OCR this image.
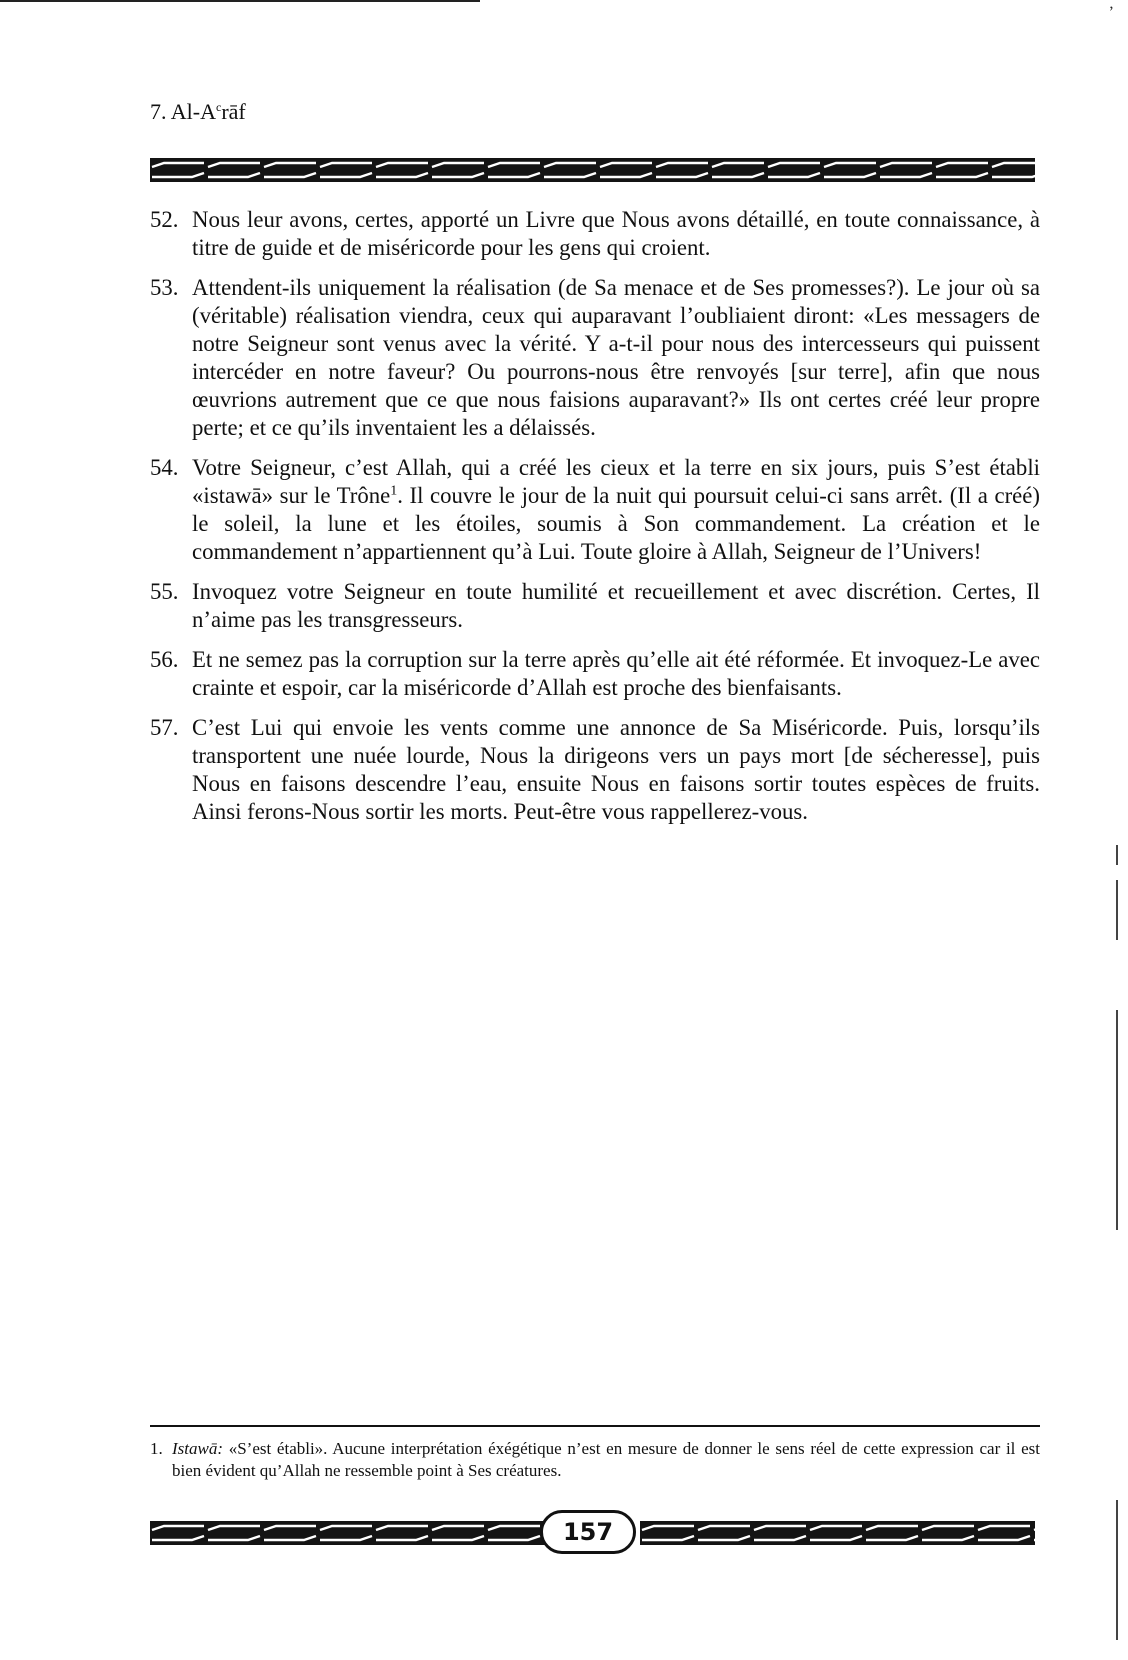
’
7. $Al-A^crāf$
52. Nous leur avons, certes, apporté un Livre que Nous avons détaillé, en toute connaissance, à titre de guide et de miséricorde pour les gens qui croient.
53. Attendent-ils uniquement la réalisation (de Sa menace et de Ses promesses?). Le jour où sa (véritable) réalisation viendra, ceux qui auparavant l’oubliaient diront: «Les messagers de notre Seigneur sont venus avec la vérité. Y a-t-il pour nous des intercesseurs qui puissent intercéder en notre faveur? Ou pourrons-nous être renvoyés [sur terre], afin que nous œuvrions autrement que ce que nous faisions auparavant?» Ils ont certes créé leur propre perte; et ce qu’ils inventaient les a délaissés.
54. Votre Seigneur, c’est Allah, qui a créé les cieux et la terre en six jours, puis S’est établi «istawā» sur le Trône$^1$. Il couvre le jour de la nuit qui poursuit celui-ci sans arrêt. (Il a créé) le soleil, la lune et les étoiles, soumis à Son commandement. La création et le commandement n’appartiennent qu’à Lui. Toute gloire à Allah, Seigneur de l’Univers!
55. Invoquez votre Seigneur en toute humilité et recueillement et avec discrétion. Certes, Il n’aime pas les transgresseurs.
56. Et ne semez pas la corruption sur la terre après qu’elle ait été réformée. Et invoquez-Le avec crainte et espoir, car la miséricorde d’Allah est proche des bienfaisants.
57. C’est Lui qui envoie les vents comme une annonce de Sa Miséricorde. Puis, lorsqu’ils transportent une nuée lourde, Nous la dirigeons vers un pays mort [de sécheresse], puis Nous en faisons descendre l’eau, ensuite Nous en faisons sortir toutes espèces de fruits. Ainsi ferons-Nous sortir les morts. Peut-être vous rappellerez-vous.
1. Istawā: «S’est établi». Aucune interprétation éxégétique n’est en mesure de donner le sens réel de cette expression car il est bien évident qu’Allah ne ressemble point à Ses créatures.
157
